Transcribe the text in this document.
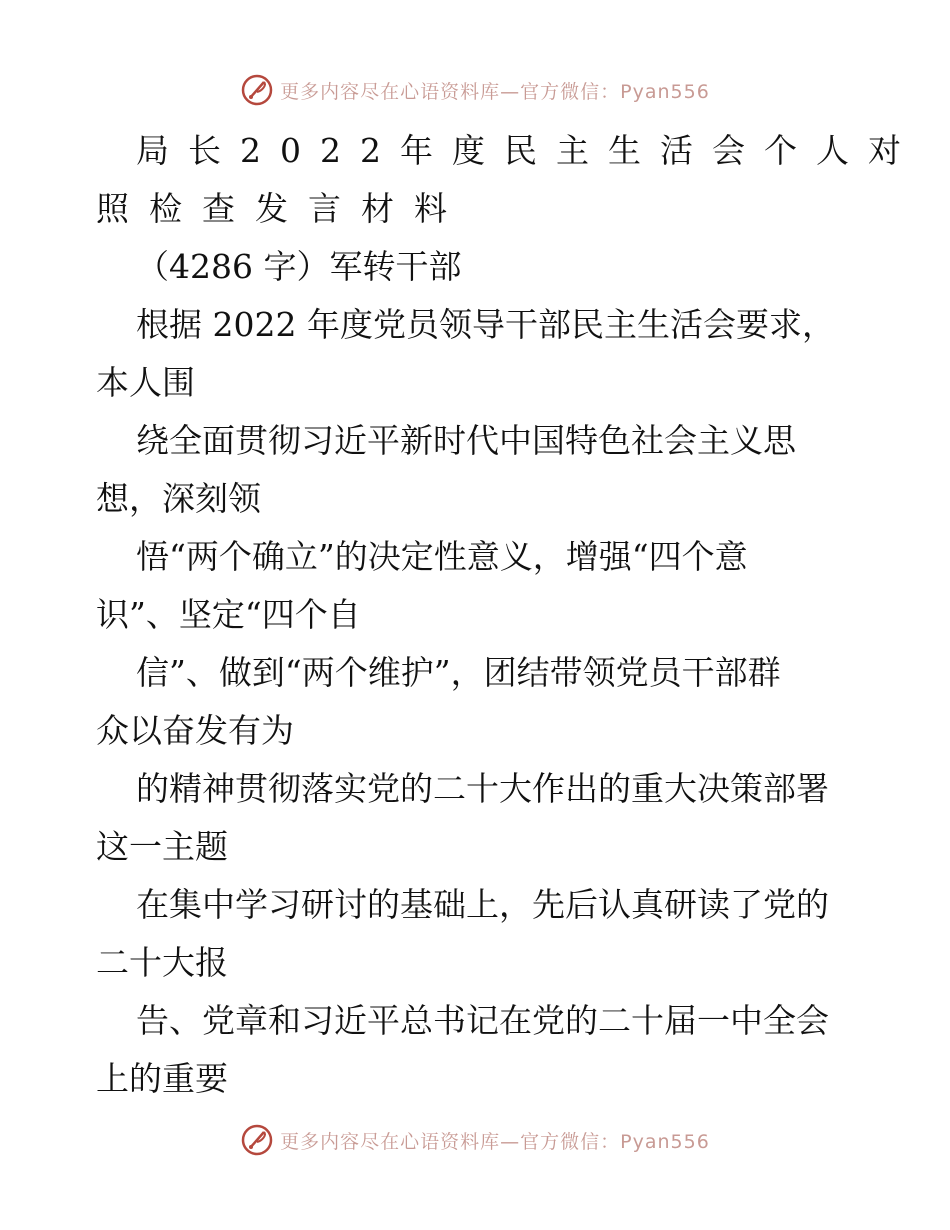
更多内容尽在心语资料库—官方微信：Pyan556
局长2022年度民主生活会个人对
照检查发言材料
（4286 字）军转干部
根据 2022 年度党员领导干部民主生活会要求，
本人围
绕全面贯彻习近平新时代中国特色社会主义思
想，深刻领
悟“两个确立”的决定性意义，增强“四个意
识”、坚定“四个自
信”、做到“两个维护”，团结带领党员干部群
众以奋发有为
的精神贯彻落实党的二十大作出的重大决策部署
这一主题
在集中学习研讨的基础上，先后认真研读了党的
二十大报
告、党章和习近平总书记在党的二十届一中全会
上的重要
更多内容尽在心语资料库—官方微信：Pyan556
